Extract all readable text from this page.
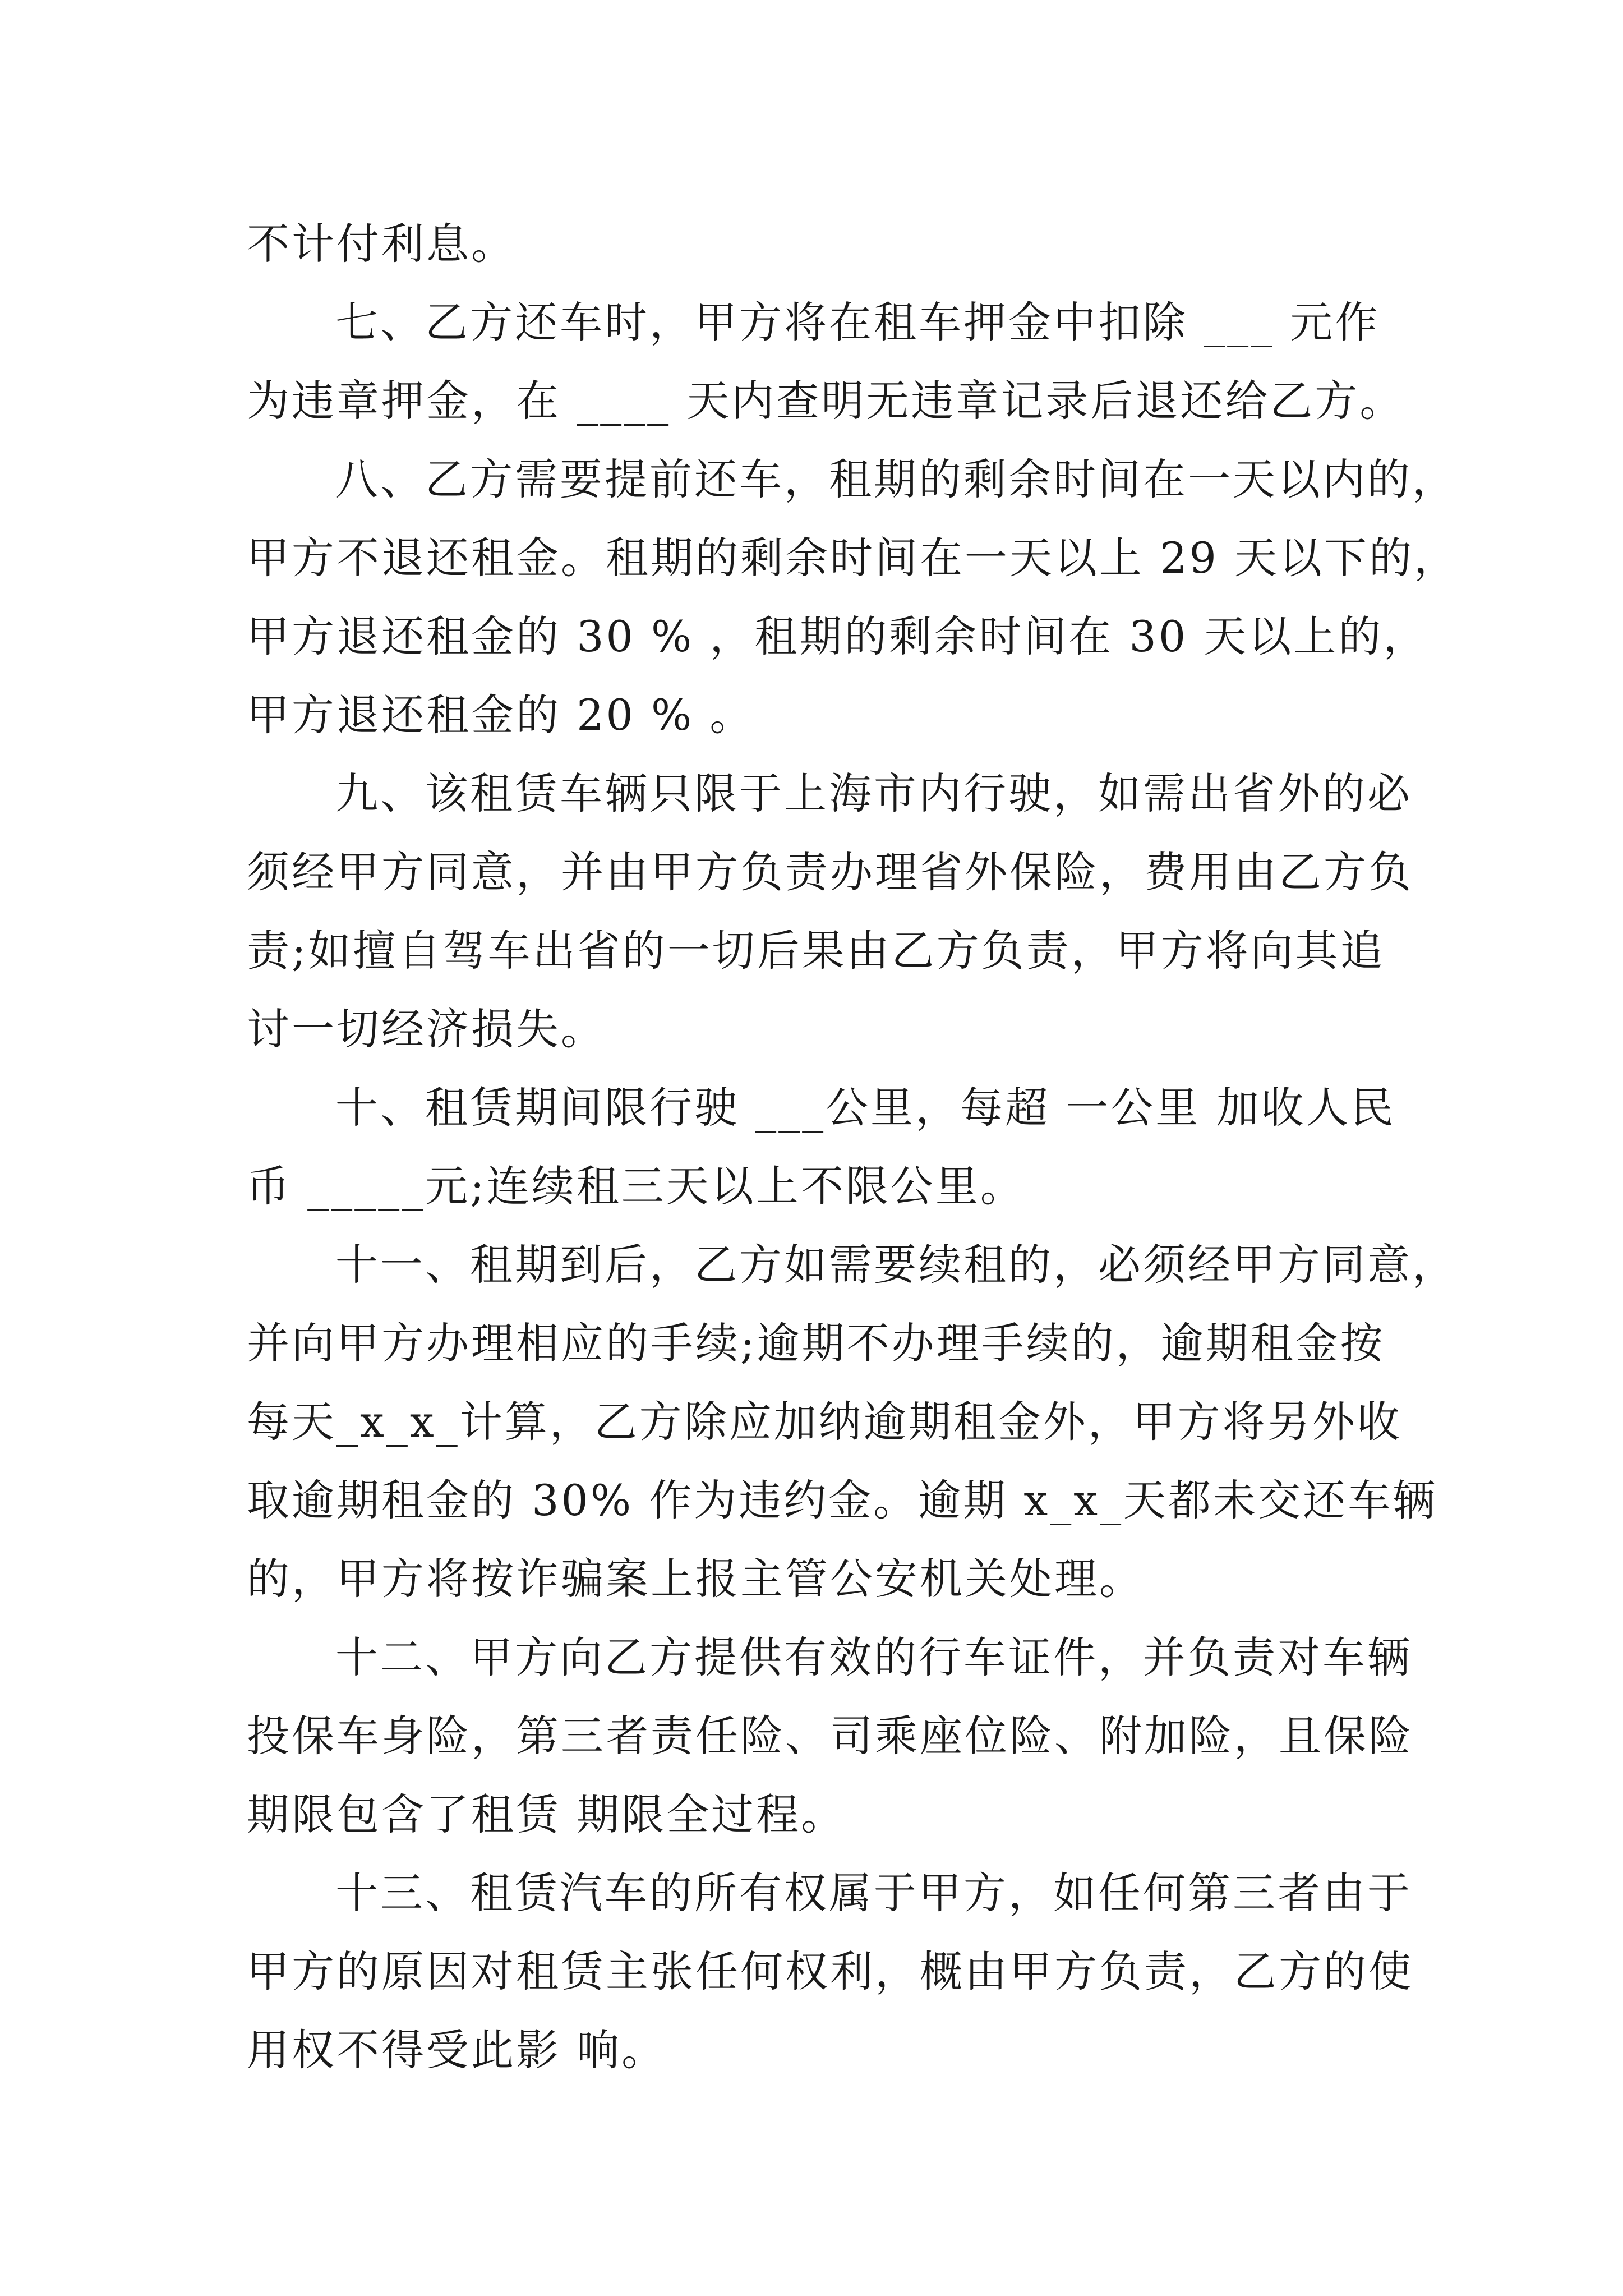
不计付利息。
七、乙方还车时，甲方将在租车押金中扣除 ___ 元作
为违章押金，在 ____ 天内查明无违章记录后退还给乙方。
八、乙方需要提前还车，租期的剩余时间在一天以内的，
甲方不退还租金。租期的剩余时间在一天以上 29 天以下的，
甲方退还租金的 30 % ，租期的剩余时间在 30 天以上的，
甲方退还租金的 20 % 。
九、该租赁车辆只限于上海市内行驶，如需出省外的必
须经甲方同意，并由甲方负责办理省外保险，费用由乙方负
责;如擅自驾车出省的一切后果由乙方负责，甲方将向其追
讨一切经济损失。
十、租赁期间限行驶 ___公里，每超 一公里 加收人民
币 _____元;连续租三天以上不限公里。
十一、租期到后，乙方如需要续租的，必须经甲方同意，
并向甲方办理相应的手续;逾期不办理手续的，逾期租金按
每天_x_x_计算，乙方除应加纳逾期租金外，甲方将另外收
取逾期租金的 30% 作为违约金。逾期 x_x_天都未交还车辆
的，甲方将按诈骗案上报主管公安机关处理。
十二、甲方向乙方提供有效的行车证件，并负责对车辆
投保车身险，第三者责任险、司乘座位险、附加险，且保险
期限包含了租赁 期限全过程。
十三、租赁汽车的所有权属于甲方，如任何第三者由于
甲方的原因对租赁主张任何权利，概由甲方负责，乙方的使
用权不得受此影 响。
